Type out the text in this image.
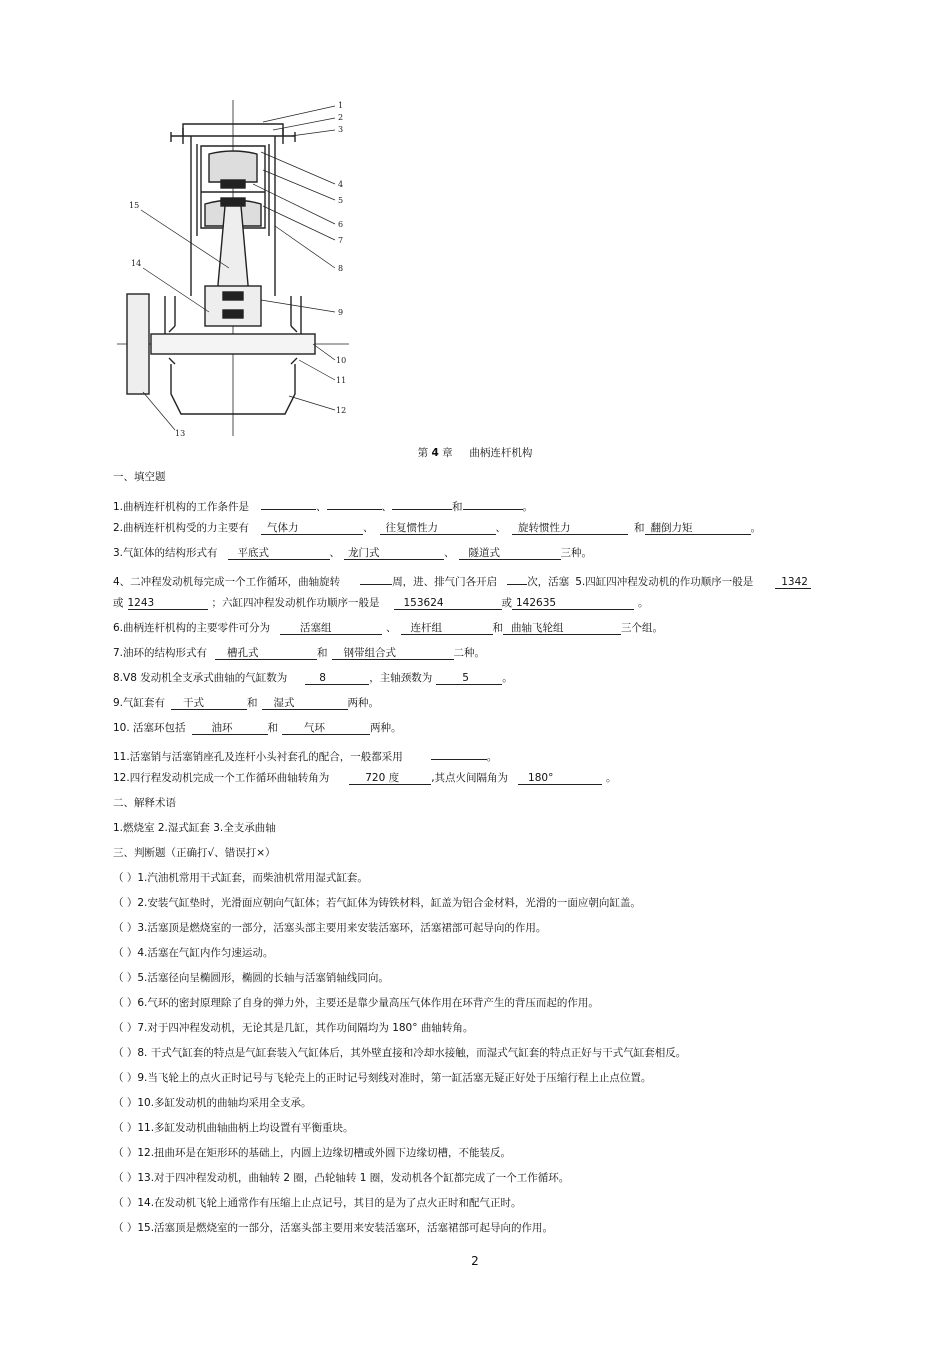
1
2
3
4
5
6
7
8
9
10
11
12
13
14
15
第 4 章 曲柄连杆机构
一、填空题
1.曲柄连杆机构的工作条件是	、	、	和	。
2.曲柄连杆机构受的力主要有 气体力	、 往复惯性力	、 旋转惯性力	和 翻倒力矩	。
3.气缸体的结构形式有 平底式	、 龙门式	、 隧道式	三种。
4、二冲程发动机每完成一个工作循环，曲轴旋转	周，进、排气门各开启	次，活塞 5.四缸四冲程发动机的作功顺序一般是	1342
或 1243	；六缸四冲程发动机作功顺序一般是 153624	或 142635	。
6.曲柄连杆机构的主要零件可分为	活塞组	、 连杆组	和 曲轴飞轮组	三个组。
7.油环的结构形式有 槽孔式	和 钢带组合式	二种。
8.V8 发动机全支承式曲轴的气缸数为	8	，主轴颈数为	5	。
9.气缸套有 干式	和 湿式	两种。
10. 活塞环包括 油环	和 气环	两种。
11.活塞销与活塞销座孔及连杆小头衬套孔的配合，一般都采用	。
12.四行程发动机完成一个工作循环曲轴转角为	720 度	,其点火间隔角为 180°	。
二、解释术语
1.燃烧室 2.湿式缸套 3.全支承曲轴
三、判断题（正确打√、错误打×）
（ ）1.汽油机常用干式缸套，而柴油机常用湿式缸套。
（ ）2.安装气缸垫时，光滑面应朝向气缸体；若气缸体为铸铁材料，缸盖为铝合金材料，光滑的一面应朝向缸盖。
（ ）3.活塞顶是燃烧室的一部分，活塞头部主要用来安装活塞环，活塞裙部可起导向的作用。
（ ）4.活塞在气缸内作匀速运动。
（ ）5.活塞径向呈椭圆形，椭圆的长轴与活塞销轴线同向。
（ ）6.气环的密封原理除了自身的弹力外，主要还是靠少量高压气体作用在环背产生的背压而起的作用。
（ ）7.对于四冲程发动机，无论其是几缸，其作功间隔均为 180° 曲轴转角。
（ ）8. 干式气缸套的特点是气缸套装入气缸体后，其外壁直接和冷却水接触，而湿式气缸套的特点正好与干式气缸套相反。
（ ）9.当飞轮上的点火正时记号与飞轮壳上的正时记号刻线对准时，第一缸活塞无疑正好处于压缩行程上止点位置。
（ ）10.多缸发动机的曲轴均采用全支承。
（ ）11.多缸发动机曲轴曲柄上均设置有平衡重块。
（ ）12.扭曲环是在矩形环的基础上，内圆上边缘切槽或外圆下边缘切槽，不能装反。
（ ）13.对于四冲程发动机，曲轴转 2 圈，凸轮轴转 1 圈，发动机各个缸都完成了一个工作循环。
（ ）14.在发动机飞轮上通常作有压缩上止点记号，其目的是为了点火正时和配气正时。
（ ）15.活塞顶是燃烧室的一部分，活塞头部主要用来安装活塞环，活塞裙部可起导向的作用。
2
